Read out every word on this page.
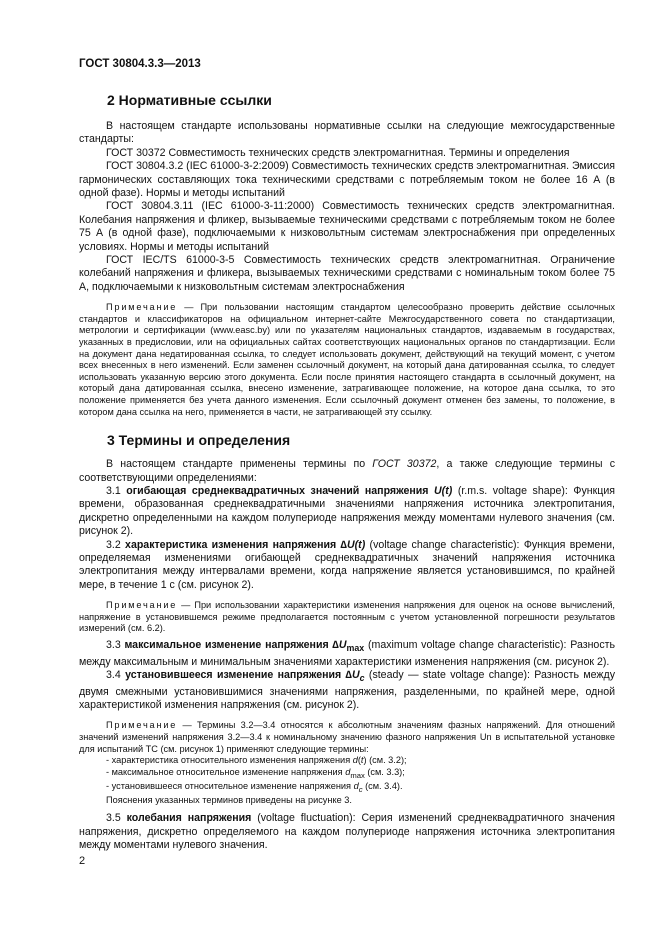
ГОСТ 30804.3.3—2013
2 Нормативные ссылки

В настоящем стандарте использованы нормативные ссылки на следующие межгосударственные стандарты:

ГОСТ 30372 Совместимость технических средств электромагнитная. Термины и определения

ГОСТ 30804.3.2 (IEC 61000-3-2:2009) Совместимость технических средств электромагнитная. Эмиссия гармонических составляющих тока техническими средствами с потребляемым током не более 16 А (в одной фазе). Нормы и методы испытаний

ГОСТ 30804.3.11 (IEC 61000-3-11:2000) Совместимость технических средств электромагнитная. Колебания напряжения и фликер, вызываемые техническими средствами с потребляемым током не более 75 А (в одной фазе), подключаемыми к низковольтным системам электроснабжения при определенных условиях. Нормы и методы испытаний

ГОСТ IEC/TS 61000-3-5 Совместимость технических средств электромагнитная. Ограничение колебаний напряжения и фликера, вызываемых техническими средствами с номинальным током более 75 А, подключаемыми к низковольтным системам электроснабжения

Примечание — При пользовании настоящим стандартом целесообразно проверить действие ссылочных стандартов и классификаторов на официальном интернет-сайте Межгосударственного совета по стандартизации, метрологии и сертификации (www.easc.by) или по указателям национальных стандартов, издаваемым в государствах, указанных в предисловии, или на официальных сайтах соответствующих национальных органов по стандартизации. Если на документ дана недатированная ссылка, то следует использовать документ, действующий на текущий момент, с учетом всех внесенных в него изменений. Если заменен ссылочный документ, на который дана датированная ссылка, то следует использовать указанную версию этого документа. Если после принятия настоящего стандарта в ссылочный документ, на который дана датированная ссылка, внесено изменение, затрагивающее положение, на которое дана ссылка, то это положение применяется без учета данного изменения. Если ссылочный документ отменен без замены, то положение, в котором дана ссылка на него, применяется в части, не затрагивающей эту ссылку.

3 Термины и определения

В настоящем стандарте применены термины по ГОСТ 30372, а также следующие термины с соответствующими определениями:

3.1 огибающая среднеквадратичных значений напряжения U(t) (r.m.s. voltage shape): Функция времени, образованная среднеквадратичными значениями напряжения источника электропитания, дискретно определенными на каждом полупериоде напряжения между моментами нулевого значения (см. рисунок 2).

3.2 характеристика изменения напряжения ∆U(t) (voltage change characteristic): Функция времени, определяемая изменениями огибающей среднеквадратичных значений напряжения источника электропитания между интервалами времени, когда напряжение является установившимся, по крайней мере, в течение 1 с (см. рисунок 2).

Примечание — При использовании характеристики изменения напряжения для оценок на основе вычислений, напряжение в установившемся режиме предполагается постоянным с учетом установленной погрешности результатов измерений (см. 6.2).

3.3 максимальное изменение напряжения $\Delta U_{max}$ (maximum voltage change characteristic): Разность между максимальным и минимальным значениями характеристики изменения напряжения (см. рисунок 2).

3.4 установившееся изменение напряжения $\Delta U_c$ (steady — state voltage change): Разность между двумя смежными установившимися значениями напряжения, разделенными, по крайней мере, одной характеристикой изменения напряжения (см. рисунок 2).

Примечание — Термины 3.2—3.4 относятся к абсолютным значениям фазных напряжений. Для отношений значений изменений напряжения 3.2—3.4 к номинальному значению фазного напряжения Un в испытательной установке для испытаний ТС (см. рисунок 1) применяют следующие термины:

- характеристика относительного изменения напряжения d(t) (см. 3.2);

- максимальное относительное изменение напряжения $d_{max}$ (см. 3.3);

- установившееся относительное изменение напряжения $d_c$ (см. 3.4).

Пояснения указанных терминов приведены на рисунке 3.

3.5 колебания напряжения (voltage fluctuation): Серия изменений среднеквадратичного значения напряжения, дискретно определяемого на каждом полупериоде напряжения источника электропитания между моментами нулевого значения.

2
